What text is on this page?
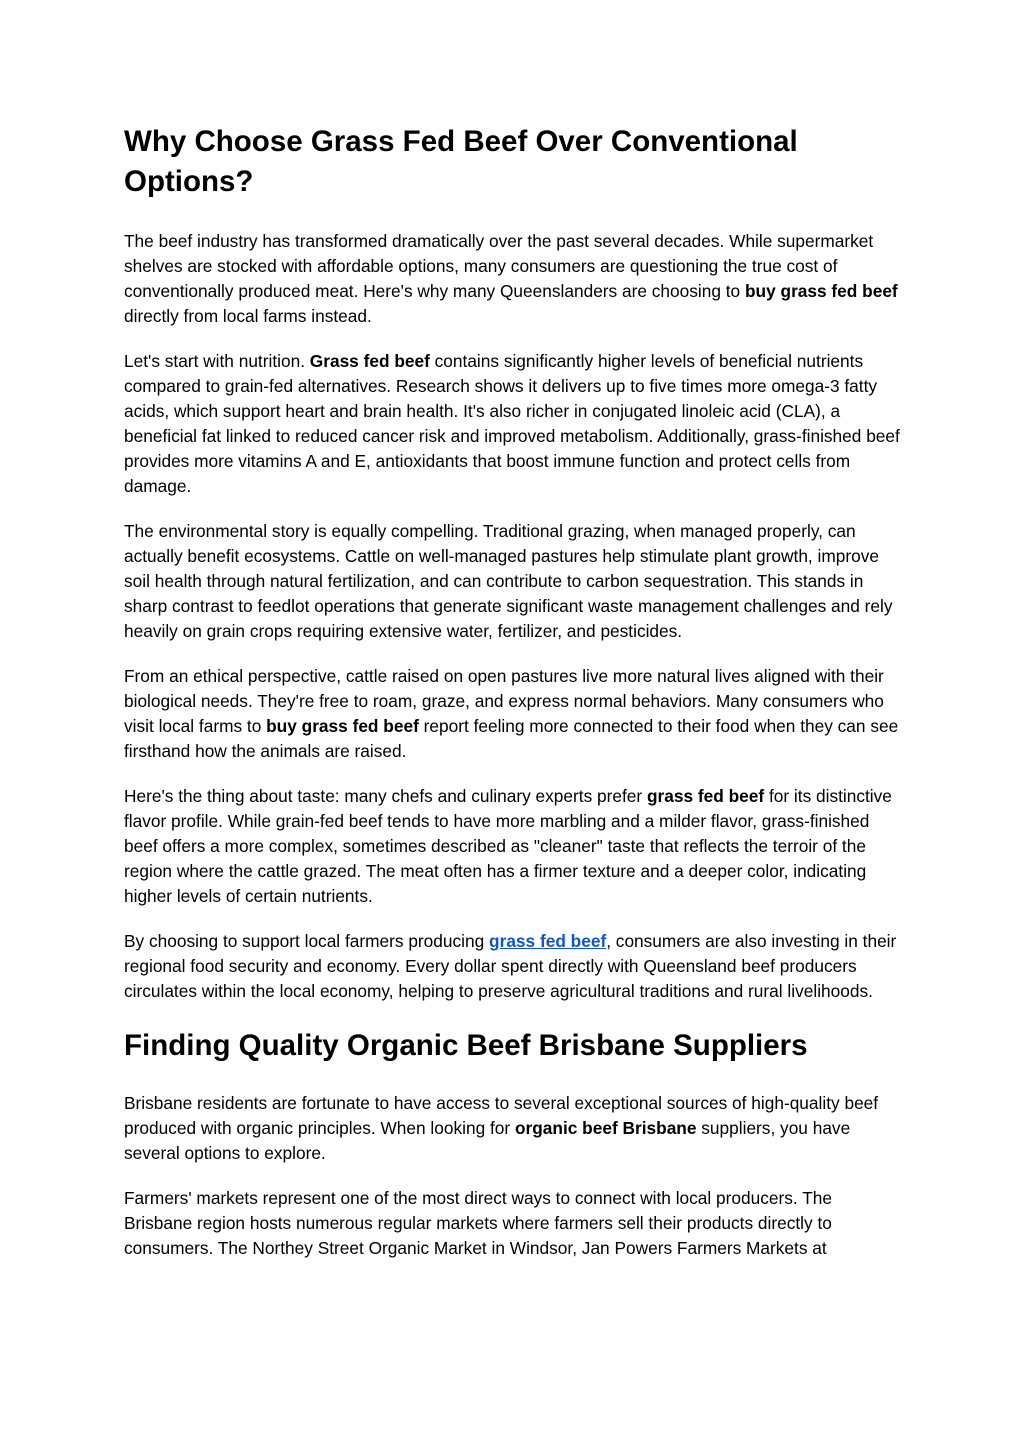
Why Choose Grass Fed Beef Over Conventional Options?

The beef industry has transformed dramatically over the past several decades. While supermarket shelves are stocked with affordable options, many consumers are questioning the true cost of conventionally produced meat. Here's why many Queenslanders are choosing to buy grass fed beef directly from local farms instead.

Let's start with nutrition. Grass fed beef contains significantly higher levels of beneficial nutrients compared to grain-fed alternatives. Research shows it delivers up to five times more omega-3 fatty acids, which support heart and brain health. It's also richer in conjugated linoleic acid (CLA), a beneficial fat linked to reduced cancer risk and improved metabolism. Additionally, grass-finished beef provides more vitamins A and E, antioxidants that boost immune function and protect cells from damage.

The environmental story is equally compelling. Traditional grazing, when managed properly, can actually benefit ecosystems. Cattle on well-managed pastures help stimulate plant growth, improve soil health through natural fertilization, and can contribute to carbon sequestration. This stands in sharp contrast to feedlot operations that generate significant waste management challenges and rely heavily on grain crops requiring extensive water, fertilizer, and pesticides.

From an ethical perspective, cattle raised on open pastures live more natural lives aligned with their biological needs. They're free to roam, graze, and express normal behaviors. Many consumers who visit local farms to buy grass fed beef report feeling more connected to their food when they can see firsthand how the animals are raised.

Here's the thing about taste: many chefs and culinary experts prefer grass fed beef for its distinctive flavor profile. While grain-fed beef tends to have more marbling and a milder flavor, grass-finished beef offers a more complex, sometimes described as "cleaner" taste that reflects the terroir of the region where the cattle grazed. The meat often has a firmer texture and a deeper color, indicating higher levels of certain nutrients.

By choosing to support local farmers producing grass fed beef, consumers are also investing in their regional food security and economy. Every dollar spent directly with Queensland beef producers circulates within the local economy, helping to preserve agricultural traditions and rural livelihoods.

Finding Quality Organic Beef Brisbane Suppliers

Brisbane residents are fortunate to have access to several exceptional sources of high-quality beef produced with organic principles. When looking for organic beef Brisbane suppliers, you have several options to explore.

Farmers' markets represent one of the most direct ways to connect with local producers. The Brisbane region hosts numerous regular markets where farmers sell their products directly to consumers. The Northey Street Organic Market in Windsor, Jan Powers Farmers Markets at
